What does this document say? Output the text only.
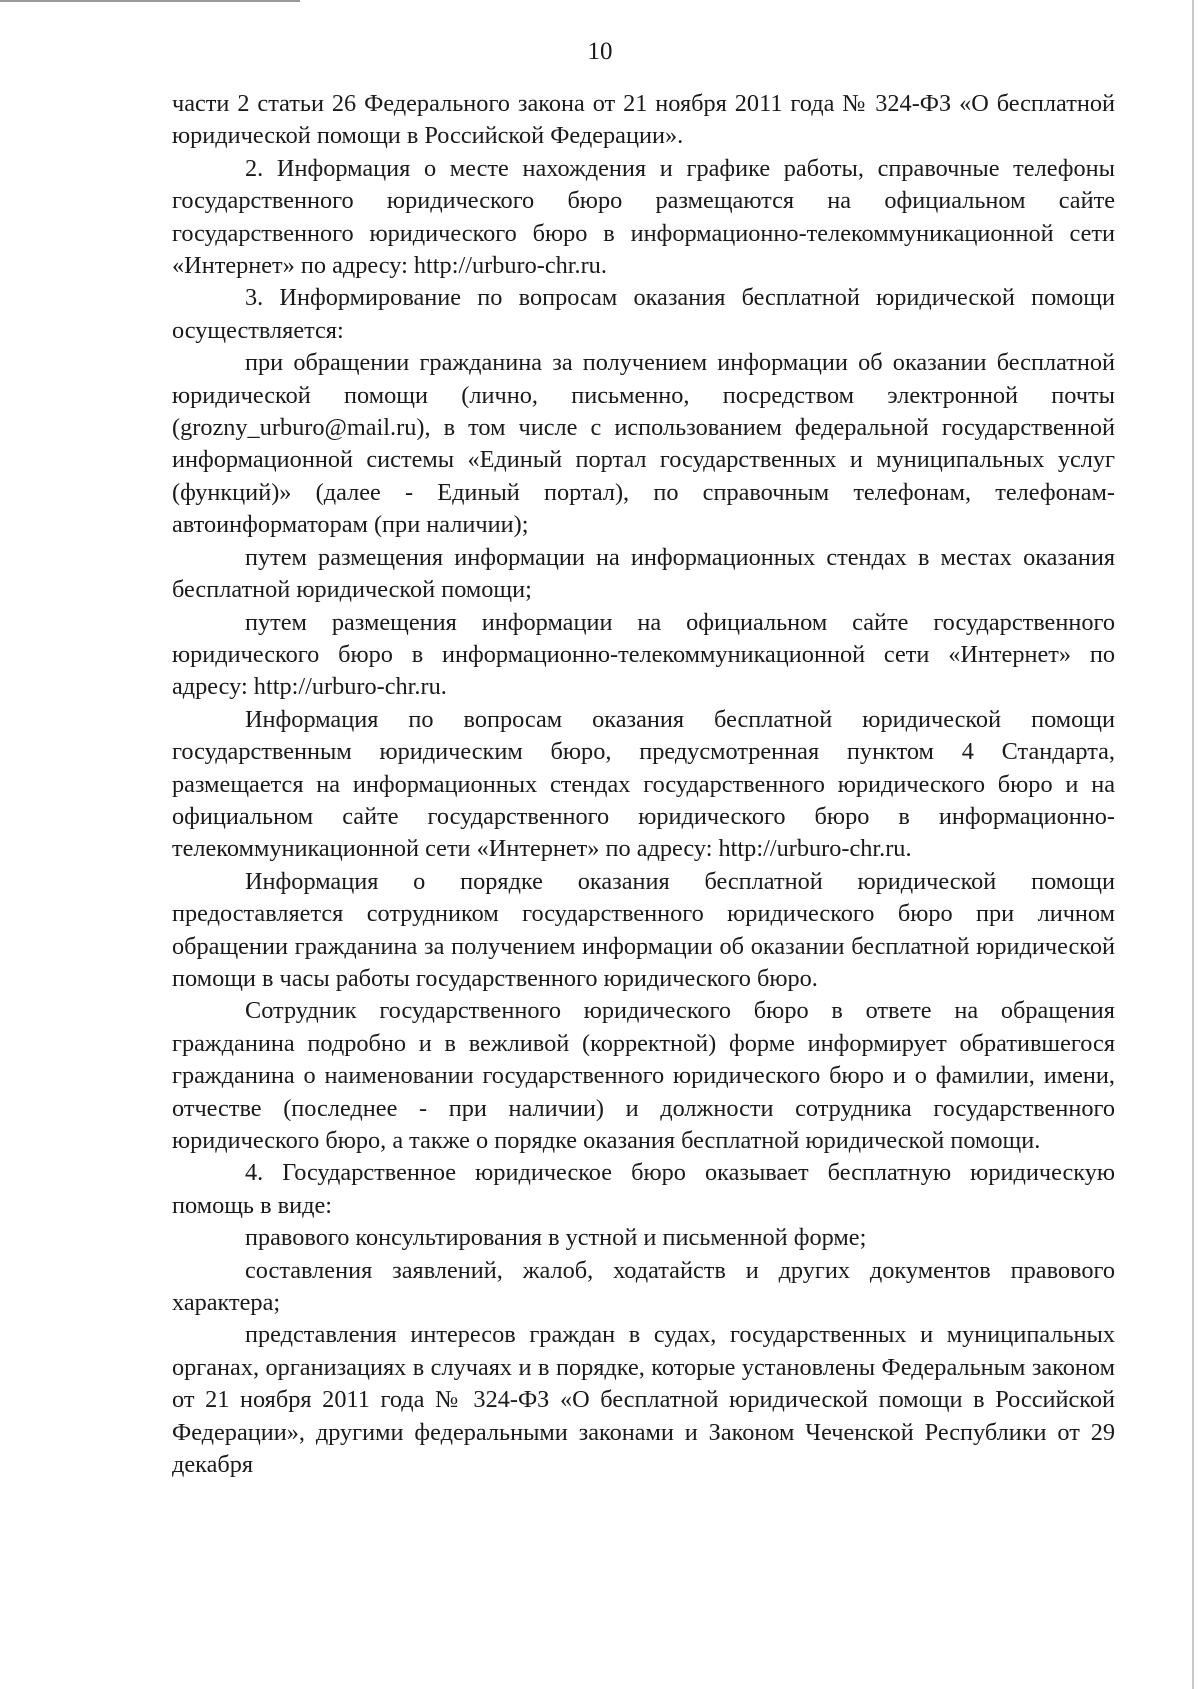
10

части 2 статьи 26 Федерального закона от 21 ноября 2011 года № 324-ФЗ «О бесплатной юридической помощи в Российской Федерации».

2. Информация о месте нахождения и графике работы, справочные телефоны государственного юридического бюро размещаются на официальном сайте государственного юридического бюро в информационно-телекоммуникационной сети «Интернет» по адресу: http://urburo-chr.ru.

3. Информирование по вопросам оказания бесплатной юридической помощи осуществляется:

при обращении гражданина за получением информации об оказании бесплатной юридической помощи (лично, письменно, посредством электронной почты (grozny_urburo@mail.ru), в том числе с использованием федеральной государственной информационной системы «Единый портал государственных и муниципальных услуг (функций)» (далее - Единый портал), по справочным телефонам, телефонам-автоинформаторам (при наличии);

путем размещения информации на информационных стендах в местах оказания бесплатной юридической помощи;

путем размещения информации на официальном сайте государственного юридического бюро в информационно-телекоммуникационной сети «Интернет» по адресу: http://urburo-chr.ru.

Информация по вопросам оказания бесплатной юридической помощи государственным юридическим бюро, предусмотренная пунктом 4 Стандарта, размещается на информационных стендах государственного юридического бюро и на официальном сайте государственного юридического бюро в информационно-телекоммуникационной сети «Интернет» по адресу: http://urburo-chr.ru.

Информация о порядке оказания бесплатной юридической помощи предоставляется сотрудником государственного юридического бюро при личном обращении гражданина за получением информации об оказании бесплатной юридической помощи в часы работы государственного юридического бюро.

Сотрудник государственного юридического бюро в ответе на обращения гражданина подробно и в вежливой (корректной) форме информирует обратившегося гражданина о наименовании государственного юридического бюро и о фамилии, имени, отчестве (последнее - при наличии) и должности сотрудника государственного юридического бюро, а также о порядке оказания бесплатной юридической помощи.

4. Государственное юридическое бюро оказывает бесплатную юридическую помощь в виде:

правового консультирования в устной и письменной форме;

составления заявлений, жалоб, ходатайств и других документов правового характера;

представления интересов граждан в судах, государственных и муниципальных органах, организациях в случаях и в порядке, которые установлены Федеральным законом от 21 ноября 2011 года № 324-ФЗ «О бесплатной юридической помощи в Российской Федерации», другими федеральными законами и Законом Чеченской Республики от 29 декабря
